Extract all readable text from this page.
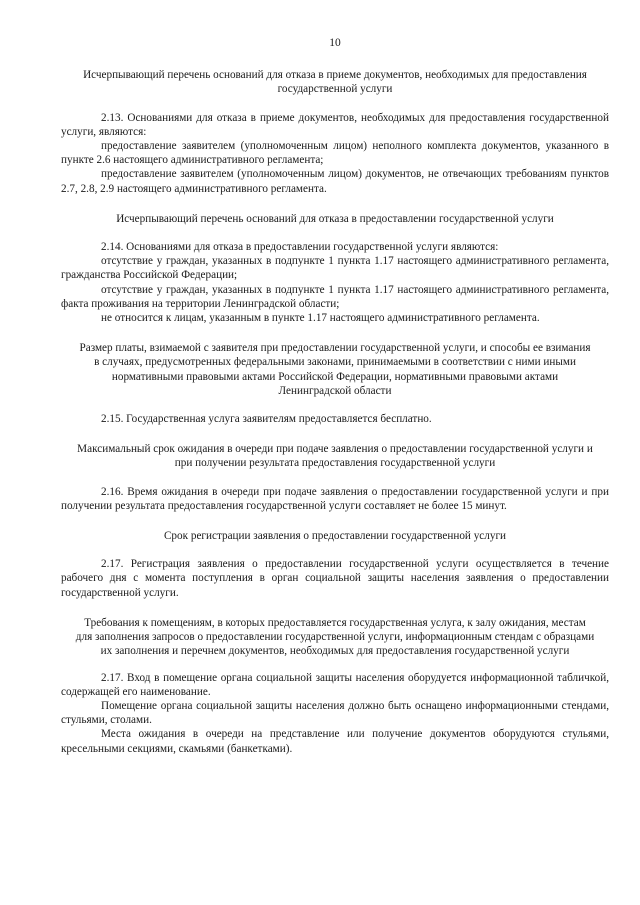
10
Исчерпывающий перечень оснований для отказа в приеме документов, необходимых для предоставления государственной услуги
2.13. Основаниями для отказа в приеме документов, необходимых для предоставления государственной услуги, являются:
предоставление заявителем (уполномоченным лицом) неполного комплекта документов, указанного в пункте 2.6 настоящего административного регламента;
предоставление заявителем (уполномоченным лицом) документов, не отвечающих требованиям пунктов 2.7, 2.8, 2.9 настоящего административного регламента.
Исчерпывающий перечень оснований для отказа в предоставлении государственной услуги
2.14. Основаниями для отказа в предоставлении государственной услуги являются:
отсутствие у граждан, указанных в подпункте 1 пункта 1.17 настоящего административного регламента, гражданства Российской Федерации;
отсутствие у граждан, указанных в подпункте 1 пункта 1.17 настоящего административного регламента, факта проживания на территории Ленинградской области;
не относится к лицам, указанным в пункте 1.17 настоящего административного регламента.
Размер платы, взимаемой с заявителя при предоставлении государственной услуги, и способы ее взимания в случаях, предусмотренных федеральными законами, принимаемыми в соответствии с ними иными нормативными правовыми актами Российской Федерации, нормативными правовыми актами Ленинградской области
2.15. Государственная услуга заявителям предоставляется бесплатно.
Максимальный срок ожидания в очереди при подаче заявления о предоставлении государственной услуги и при получении результата предоставления государственной услуги
2.16. Время ожидания в очереди при подаче заявления о предоставлении государственной услуги и при получении результата предоставления государственной услуги составляет не более 15 минут.
Срок регистрации заявления о предоставлении государственной услуги
2.17. Регистрация заявления о предоставлении государственной услуги осуществляется в течение рабочего дня с момента поступления в орган социальной защиты населения заявления о предоставлении государственной услуги.
Требования к помещениям, в которых предоставляется государственная услуга, к залу ожидания, местам для заполнения запросов о предоставлении государственной услуги, информационным стендам с образцами их заполнения и перечнем документов, необходимых для предоставления государственной услуги
2.17. Вход в помещение органа социальной защиты населения оборудуется информационной табличкой, содержащей его наименование.
Помещение органа социальной защиты населения должно быть оснащено информационными стендами, стульями, столами.
Места ожидания в очереди на представление или получение документов оборудуются стульями, кресельными секциями, скамьями (банкетками).
